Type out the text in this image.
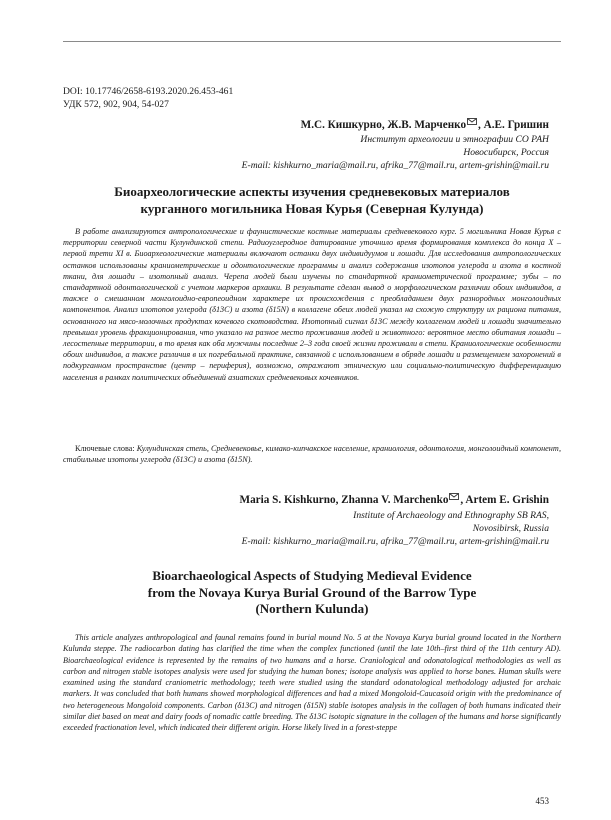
DOI: 10.17746/2658-6193.2020.26.453-461
УДК 572, 902, 904, 54-027
М.С. Кишкурно, Ж.В. Марченко , А.Е. Гришин
Институт археологии и этнографии СО РАН
Новосибирск, Россия
E-mail: kishkurno_maria@mail.ru, afrika_77@mail.ru, artem-grishin@mail.ru
Биоархеологические аспекты изучения средневековых материалов
курганного могильника Новая Курья (Северная Кулунда)

В работе анализируются антропологические и фаунистические костные материалы средневекового кург. 5 могильника Новая Курья с территории северной части Кулундинской степи. Радиоуглеродное датирование уточнило время формирования комплекса до конца X – первой трети XI в. Биоархеологические материалы включают останки двух индивидуумов и лошади. Для исследования антропологических останков использованы краниометрические и одонтологические программы и анализ содержания изотопов углерода и азота в костной ткани, для лошади – изотопный анализ. Черепа людей были изучены по стандартной краниометрической программе; зубы – по стандартной одонтологической с учетом маркеров архаики. В результате сделан вывод о морфологическом различии обоих индивидов, а также о смешанном монголоидно-европеоидном характере их происхождения с преобладанием двух разнородных монголоидных компонентов. Анализ изотопов углерода (δ13C) и азота (δ15N) в коллагене обеих людей указал на схожую структуру их рациона питания, основанного на мясо-молочных продуктах кочевого скотоводства. Изотопный сигнал δ13C между коллагеном людей и лошади значительно превышал уровень фракционирования, что указало на разное место проживания людей и животного: вероятное место обитания лошади – лесостепные территории, в то время как оба мужчины последние 2–3 года своей жизни проживали в степи. Краниологические особенности обоих индивидов, а также различия в их погребальной практике, связанной с использованием в обряде лошади и размещением захоронений в подкурганном пространстве (центр – периферия), возможно, отражают этническую или социально-политическую дифференциацию населения в рамках политических объединений азиатских средневековых кочевников.

Ключевые слова: Кулундинская степь, Средневековье, кимако-кипчакское население, краниология, одонтология, монголоидный компонент, стабильные изотопы углерода (δ13C) и азота (δ15N).

Maria S. Kishkurno, Zhanna V. Marchenko , Artem E. Grishin
Institute of Archaeology and Ethnography SB RAS,
Novosibirsk, Russia
E-mail: kishkurno_maria@mail.ru, afrika_77@mail.ru, artem-grishin@mail.ru
Bioarchaeological Aspects of Studying Medieval Evidence
from the Novaya Kurya Burial Ground of the Barrow Type
(Northern Kulunda)

This article analyzes anthropological and faunal remains found in burial mound No. 5 at the Novaya Kurya burial ground located in the Northern Kulunda steppe. The radiocarbon dating has clarified the time when the complex functioned (until the late 10th–first third of the 11th century AD). Bioarchaeological evidence is represented by the remains of two humans and a horse. Craniological and odonatological methodologies as well as carbon and nitrogen stable isotopes analysis were used for studying the human bones; isotope analysis was applied to horse bones. Human skulls were examined using the standard craniometric methodology; teeth were studied using the standard odonatological methodology adjusted for archaic markers. It was concluded that both humans showed morphological differences and had a mixed Mongoloid-Caucasoid origin with the predominance of two heterogeneous Mongoloid components. Carbon (δ13C) and nitrogen (δ15N) stable isotopes analysis in the collagen of both humans indicated their similar diet based on meat and dairy foods of nomadic cattle breeding. The δ13C isotopic signature in the collagen of the humans and horse significantly exceeded fractionation level, which indicated their different origin. Horse likely lived in a forest-steppe

453
